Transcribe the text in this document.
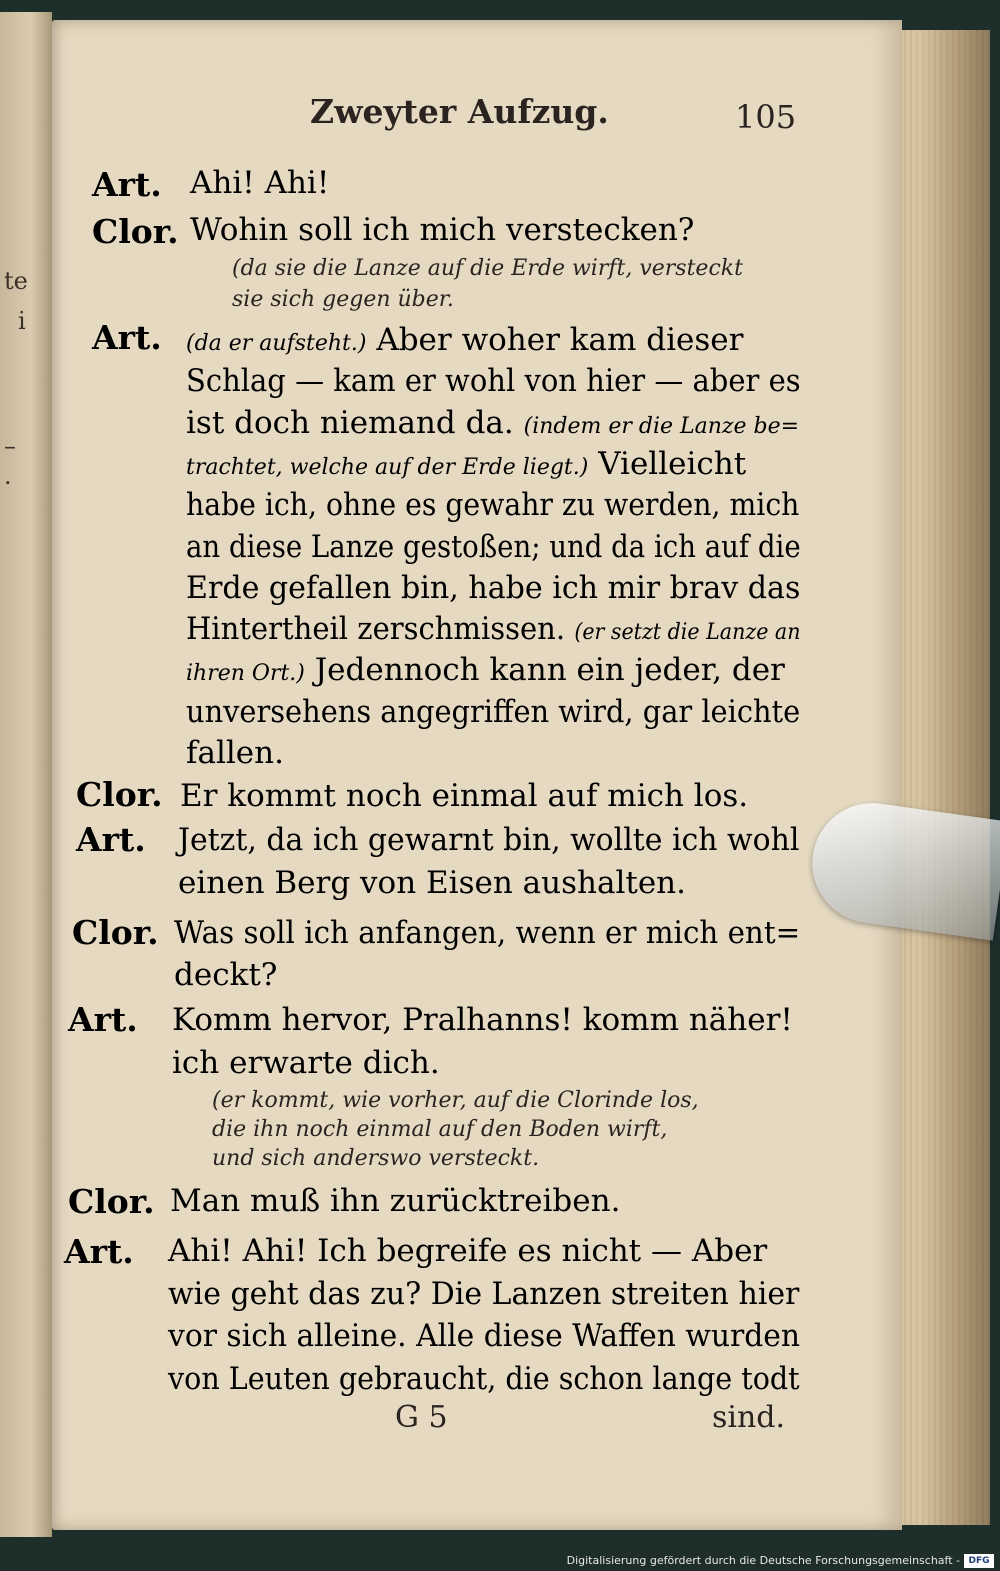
te
i
–
.
Zweyter Aufzug.	105
Art. Ahi! Ahi!
Clor. Wohin soll ich mich verstecken?
(da sie die Lanze auf die Erde wirft, versteckt
sie sich gegen über.
Art. (da er aufsteht.) Aber woher kam dieser
Schlag — kam er wohl von hier — aber es
ist doch niemand da. (indem er die Lanze be=
trachtet, welche auf der Erde liegt.) Vielleicht
habe ich, ohne es gewahr zu werden, mich
an diese Lanze gestoßen; und da ich auf die
Erde gefallen bin, habe ich mir brav das
Hintertheil zerschmissen. (er setzt die Lanze an
ihren Ort.) Jedennoch kann ein jeder, der
unversehens angegriffen wird, gar leichte
fallen.
Clor. Er kommt noch einmal auf mich los.
Art. Jetzt, da ich gewarnt bin, wollte ich wohl
einen Berg von Eisen aushalten.
Clor. Was soll ich anfangen, wenn er mich ent=
deckt?
Art. Komm hervor, Pralhanns! komm näher!
ich erwarte dich.
(er kommt, wie vorher, auf die Clorinde los,
die ihn noch einmal auf den Boden wirft,
und sich anderswo versteckt.
Clor. Man muß ihn zurücktreiben.
Art. Ahi! Ahi! Ich begreife es nicht — Aber
wie geht das zu? Die Lanzen streiten hier
vor sich alleine. Alle diese Waffen wurden
von Leuten gebraucht, die schon lange todt
G 5	sind.
Digitalisierung gefördert durch die Deutsche Forschungsgemeinschaft - DFG
